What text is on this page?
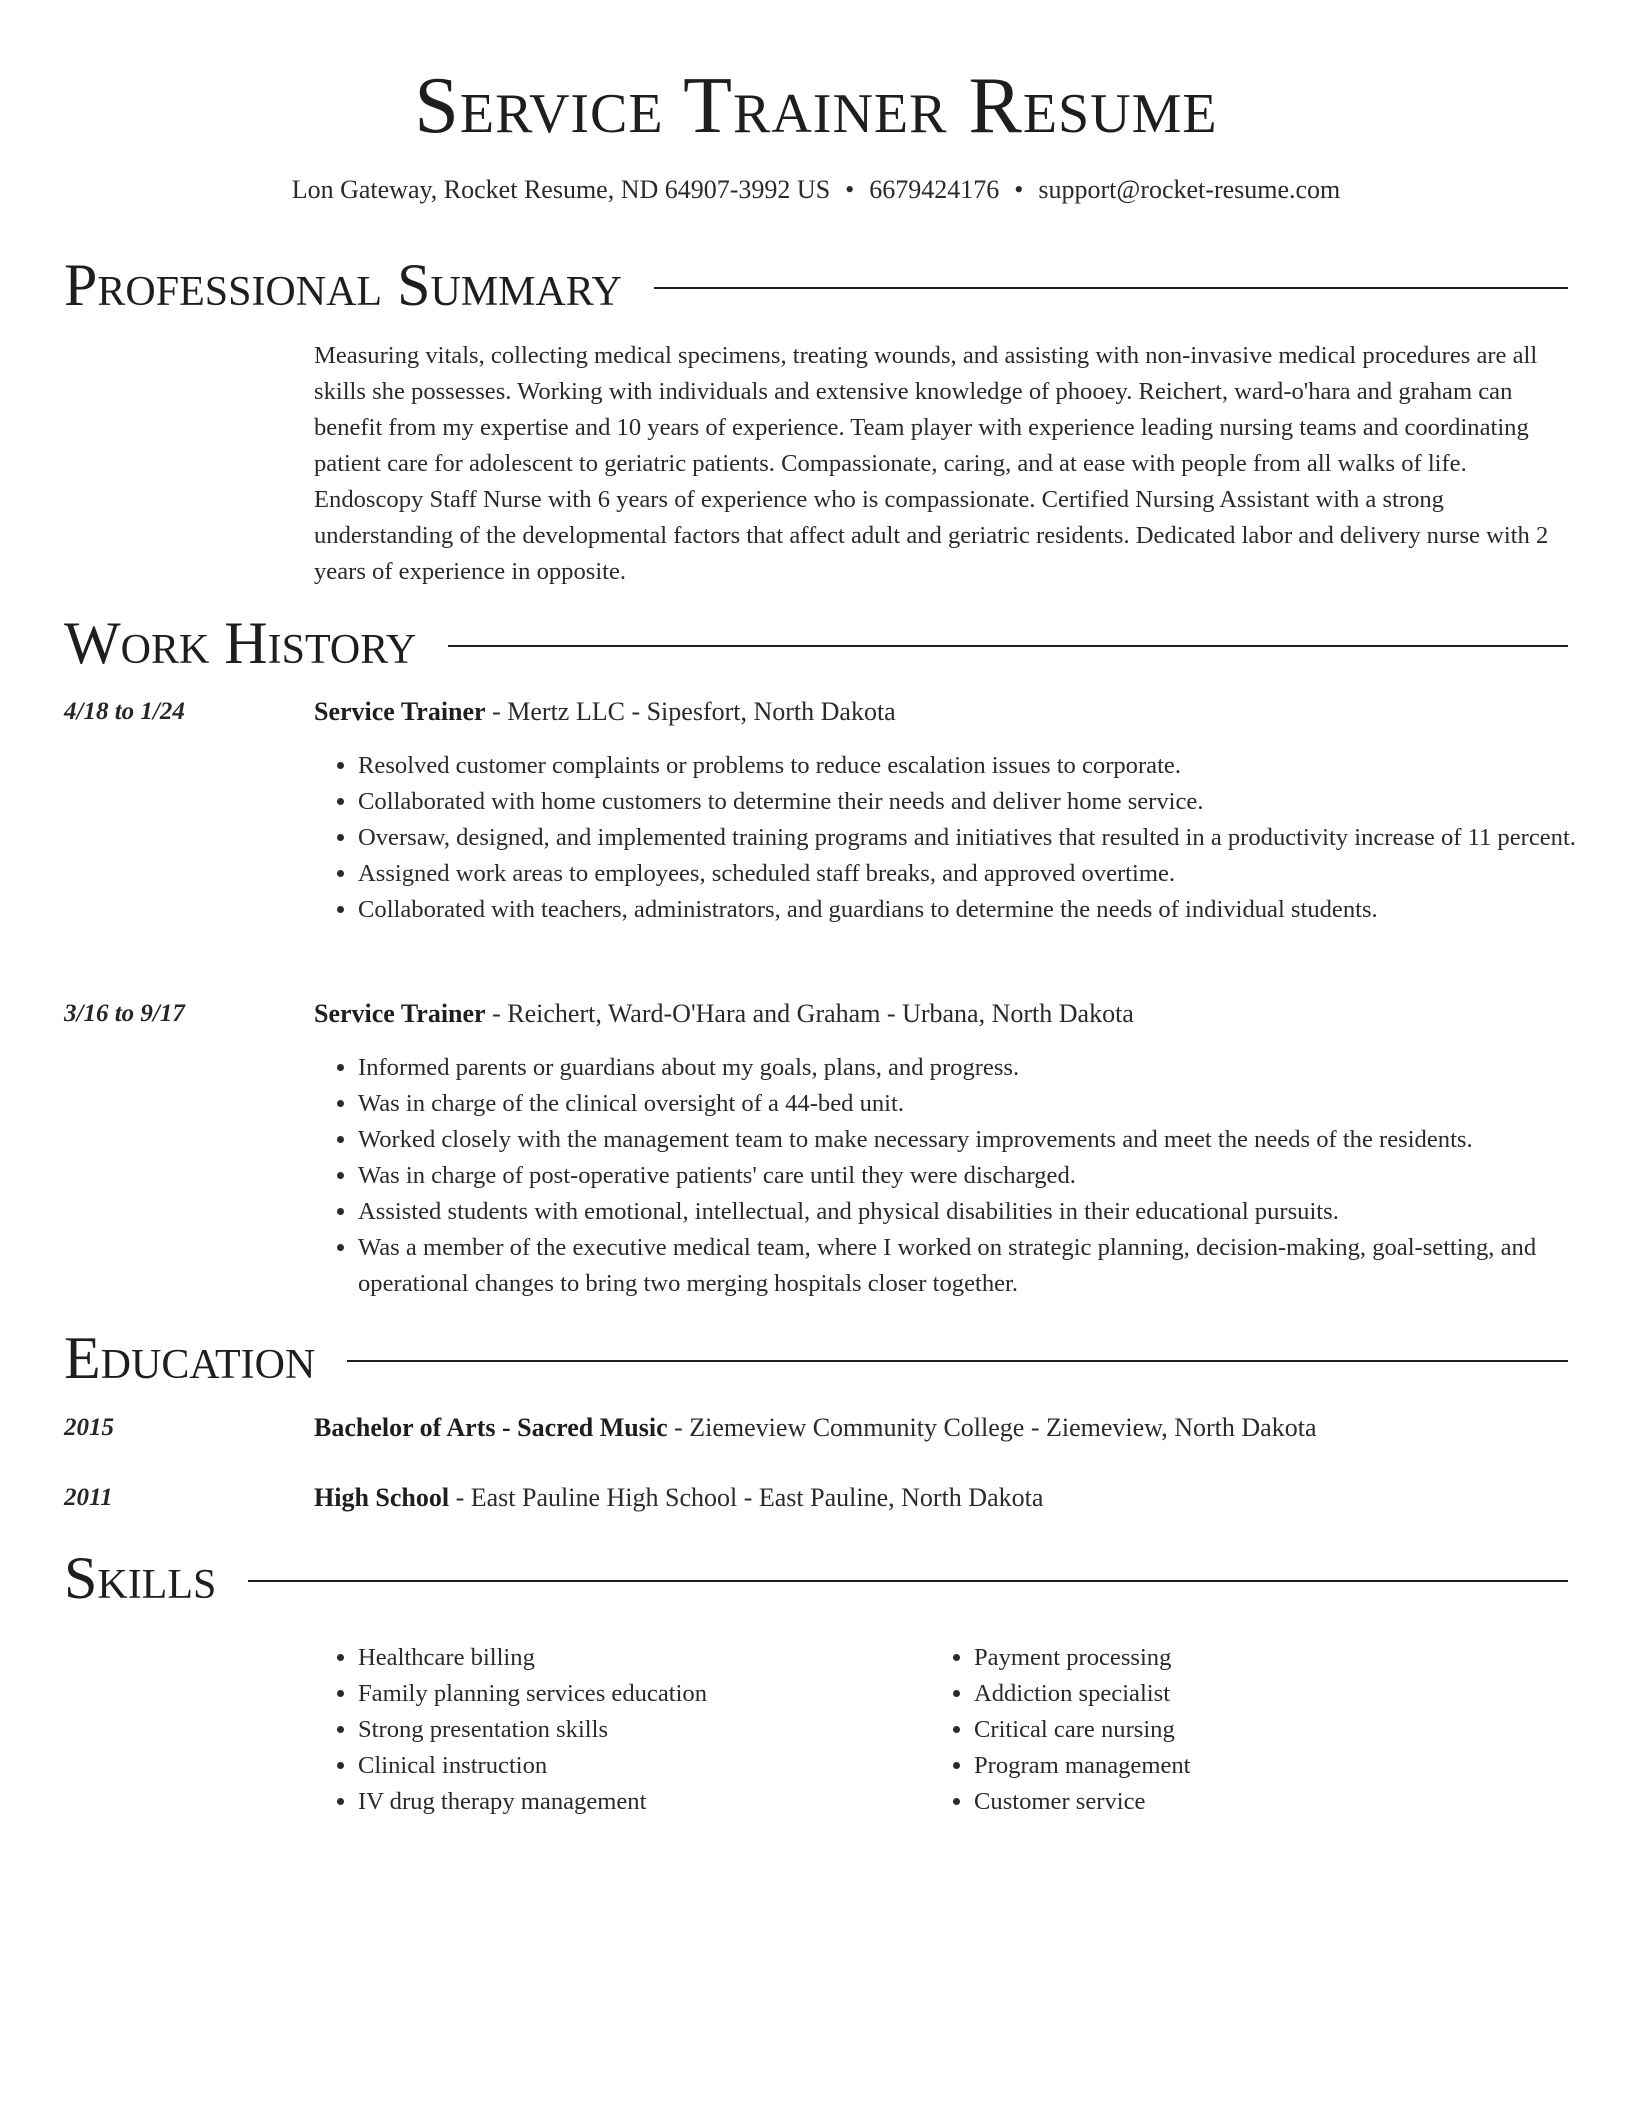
Service Trainer Resume
Lon Gateway, Rocket Resume, ND 64907-3992 US • 6679424176 • support@rocket-resume.com
Professional Summary

Measuring vitals, collecting medical specimens, treating wounds, and assisting with non-invasive medical procedures are all skills she possesses. Working with individuals and extensive knowledge of phooey. Reichert, ward-o'hara and graham can benefit from my expertise and 10 years of experience. Team player with experience leading nursing teams and coordinating patient care for adolescent to geriatric patients. Compassionate, caring, and at ease with people from all walks of life. Endoscopy Staff Nurse with 6 years of experience who is compassionate. Certified Nursing Assistant with a strong understanding of the developmental factors that affect adult and geriatric residents. Dedicated labor and delivery nurse with 2 years of experience in opposite.

Work History
4/18 to 1/24	Service Trainer - Mertz LLC - Sipesfort, North Dakota
• Resolved customer complaints or problems to reduce escalation issues to corporate.
• Collaborated with home customers to determine their needs and deliver home service.
• Oversaw, designed, and implemented training programs and initiatives that resulted in a productivity increase of 11 percent.
• Assigned work areas to employees, scheduled staff breaks, and approved overtime.
• Collaborated with teachers, administrators, and guardians to determine the needs of individual students.
3/16 to 9/17	Service Trainer - Reichert, Ward-O'Hara and Graham - Urbana, North Dakota
• Informed parents or guardians about my goals, plans, and progress.
• Was in charge of the clinical oversight of a 44-bed unit.
• Worked closely with the management team to make necessary improvements and meet the needs of the residents.
• Was in charge of post-operative patients' care until they were discharged.
• Assisted students with emotional, intellectual, and physical disabilities in their educational pursuits.
• Was a member of the executive medical team, where I worked on strategic planning, decision-making, goal-setting, and operational changes to bring two merging hospitals closer together.
Education
2015	Bachelor of Arts - Sacred Music - Ziemeview Community College - Ziemeview, North Dakota
2011	High School - East Pauline High School - East Pauline, North Dakota
Skills
• Healthcare billing
• Family planning services education
• Strong presentation skills
• Clinical instruction
• IV drug therapy management
• Payment processing
• Addiction specialist
• Critical care nursing
• Program management
• Customer service
